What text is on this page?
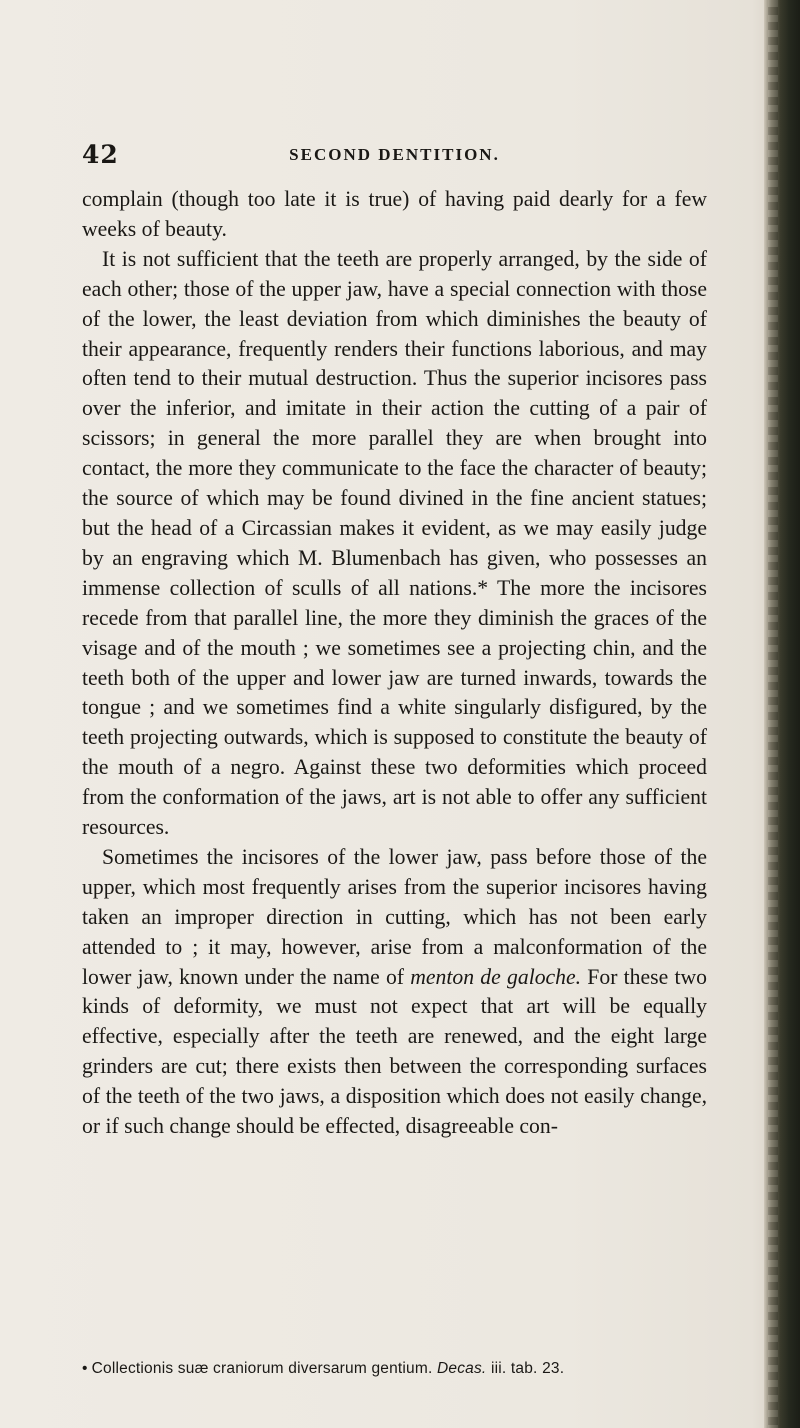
42	SECOND DENTITION.

complain (though too late it is true) of having paid dearly for a few weeks of beauty.

It is not sufficient that the teeth are properly arranged, by the side of each other; those of the upper jaw, have a special connection with those of the lower, the least deviation from which diminishes the beauty of their appearance, frequently renders their functions laborious, and may often tend to their mutual destruction. Thus the superior incisores pass over the inferior, and imitate in their action the cutting of a pair of scissors; in general the more parallel they are when brought into contact, the more they communicate to the face the character of beauty; the source of which may be found divined in the fine ancient statues; but the head of a Circassian makes it evident, as we may easily judge by an engraving which M. Blumenbach has given, who possesses an immense collection of sculls of all nations.* The more the incisores recede from that parallel line, the more they diminish the graces of the visage and of the mouth ; we sometimes see a projecting chin, and the teeth both of the upper and lower jaw are turned inwards, towards the tongue ; and we sometimes find a white singularly disfigured, by the teeth projecting outwards, which is supposed to constitute the beauty of the mouth of a negro. Against these two deformities which proceed from the conformation of the jaws, art is not able to offer any sufficient resources.

Sometimes the incisores of the lower jaw, pass before those of the upper, which most frequently arises from the superior incisores having taken an improper direction in cutting, which has not been early attended to ; it may, however, arise from a malconformation of the lower jaw, known under the name of menton de galoche. For these two kinds of deformity, we must not expect that art will be equally effective, especially after the teeth are renewed, and the eight large grinders are cut; there exists then between the corresponding surfaces of the teeth of the two jaws, a disposition which does not easily change, or if such change should be effected, disagreeable con-

• Collectionis suæ craniorum diversarum gentium. Decas. iii. tab. 23.
